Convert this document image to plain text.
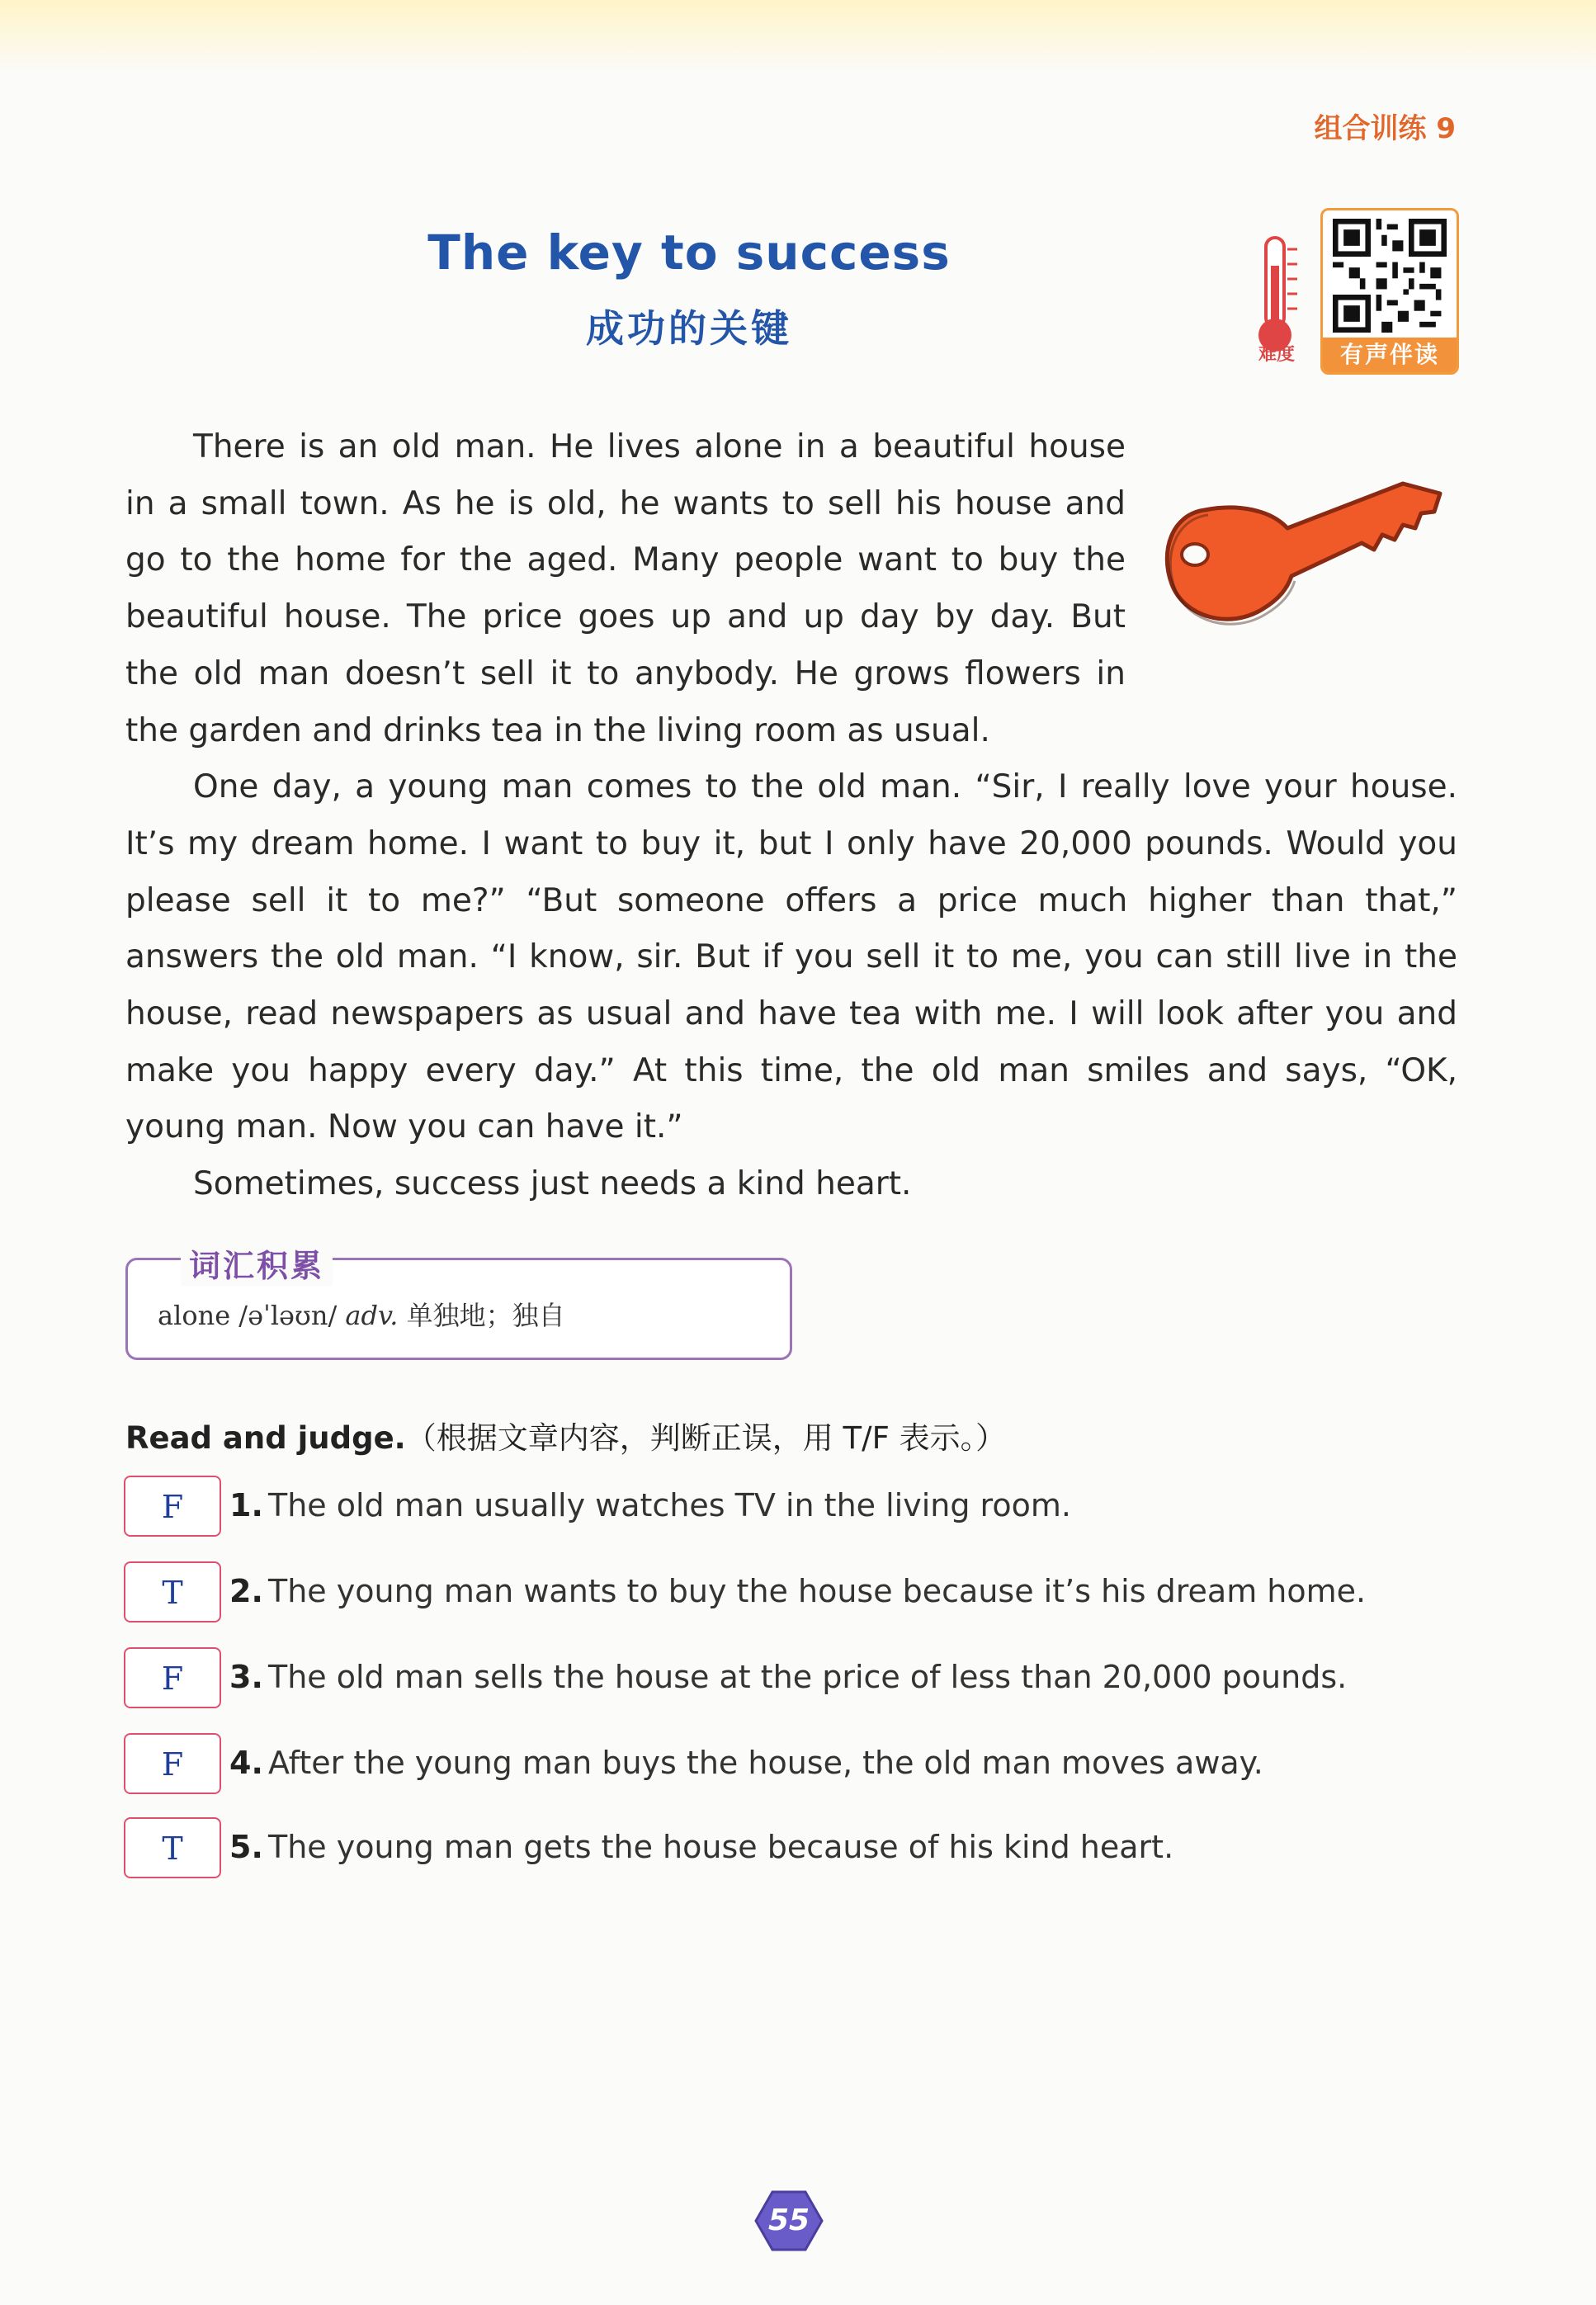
组合训练 9
The key to success
成功的关键
难度	有声伴读

There is an old man. He lives alone in a beautiful house in a small town. As he is old, he wants to sell his house and go to the home for the aged. Many people want to buy the beautiful house. The price goes up and up day by day. But the old man doesn’t sell it to anybody. He grows flowers in the garden and drinks tea in the living room as usual.

One day, a young man comes to the old man. “Sir, I really love your house. It’s my dream home. I want to buy it, but I only have 20,000 pounds. Would you please sell it to me?” “But someone offers a price much higher than that,” answers the old man. “I know, sir. But if you sell it to me, you can still live in the house, read newspapers as usual and have tea with me. I will look after you and make you happy every day.” At this time, the old man smiles and says, “OK, young man. Now you can have it.”

Sometimes, success just needs a kind heart.

词汇积累
alone /əˈləʊn/ adv. 单独地；独自
Read and judge.（根据文章内容，判断正误，用 T/F 表示。）
F	1. The old man usually watches TV in the living room.
T	2. The young man wants to buy the house because it’s his dream home.
F	3. The old man sells the house at the price of less than 20,000 pounds.
F	4. After the young man buys the house, the old man moves away.
T	5. The young man gets the house because of his kind heart.
55
